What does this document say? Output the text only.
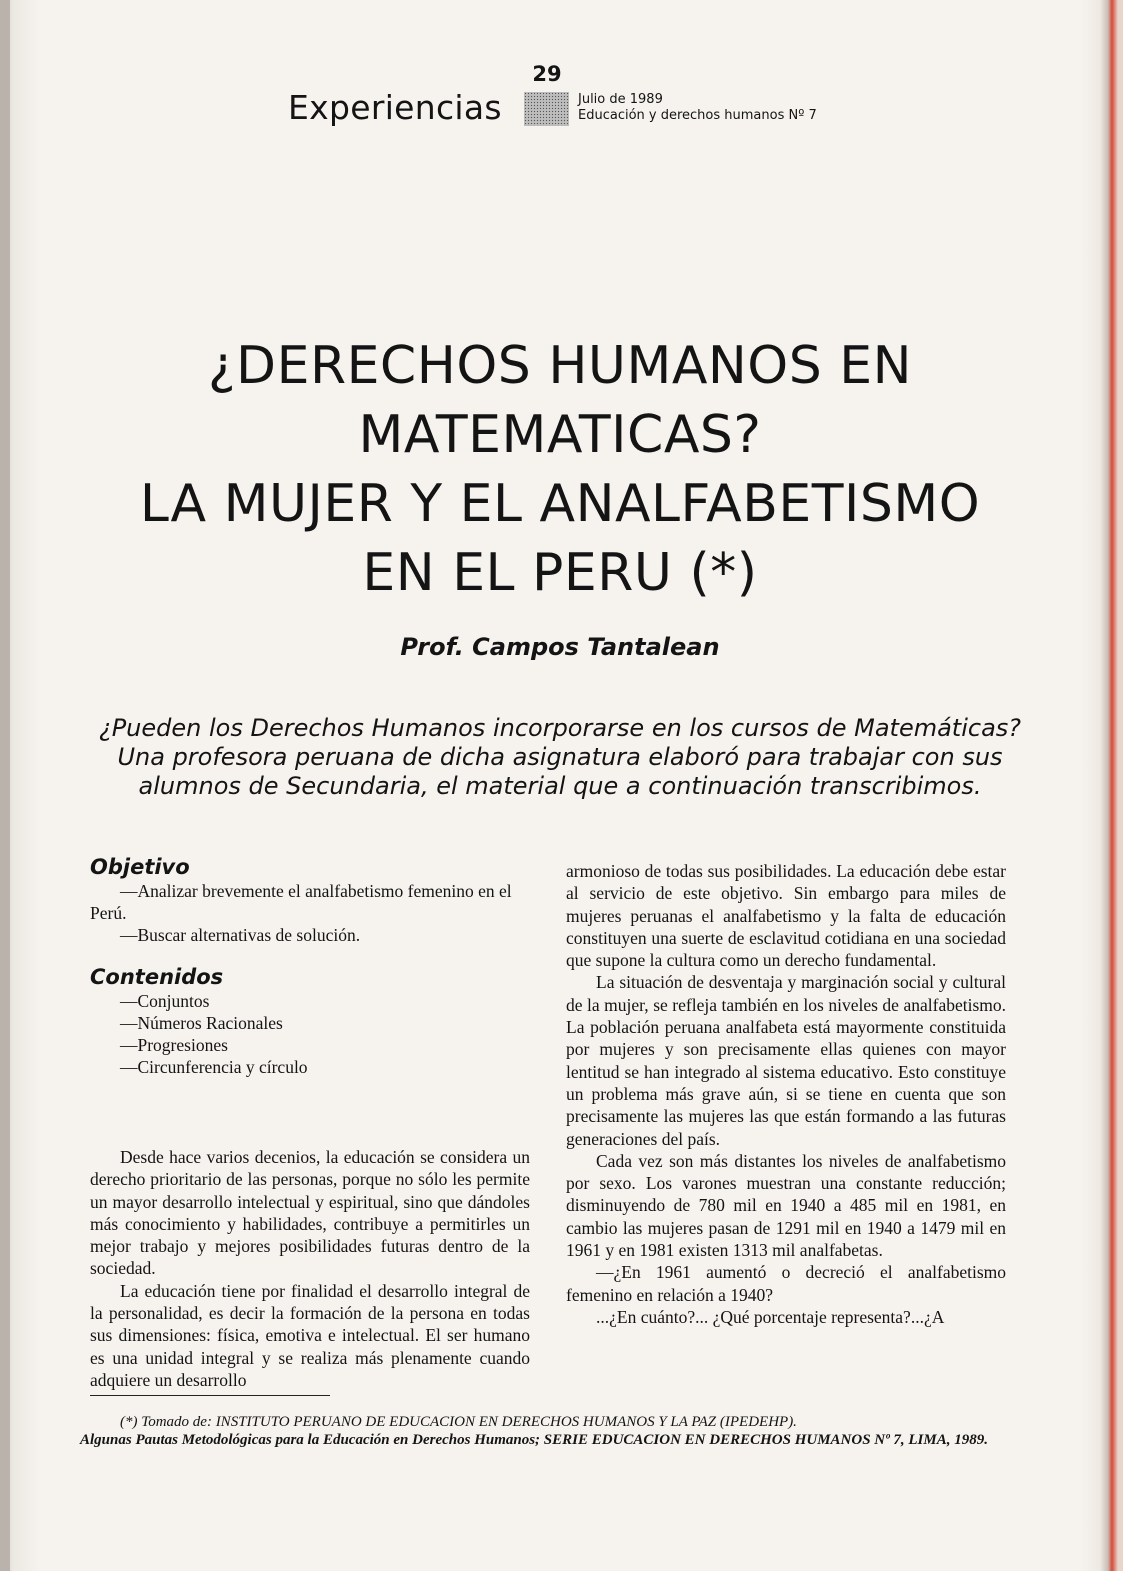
29
Experiencias	Julio de 1989
Educación y derechos humanos Nº 7
¿DERECHOS HUMANOS EN
MATEMATICAS?
LA MUJER Y EL ANALFABETISMO
EN EL PERU (*)
Prof. Campos Tantalean

¿Pueden los Derechos Humanos incorporarse en los cursos de Matemáticas? Una profesora peruana de dicha asignatura elaboró para trabajar con sus alumnos de Secundaria, el material que a continuación transcribimos.

Objetivo

—Analizar brevemente el analfabetismo femenino en el Perú.

—Buscar alternativas de solución.

Contenidos

—Conjuntos

—Números Racionales

—Progresiones

—Circunferencia y círculo

Desde hace varios decenios, la educación se considera un derecho prioritario de las personas, porque no sólo les permite un mayor desarrollo intelectual y espiritual, sino que dándoles más conocimiento y habilidades, contribuye a permitirles un mejor trabajo y mejores posibilidades futuras dentro de la sociedad.

La educación tiene por finalidad el desarrollo integral de la personalidad, es decir la formación de la persona en todas sus dimensiones: física, emotiva e intelectual. El ser humano es una unidad integral y se realiza más plenamente cuando adquiere un desarrollo

armonioso de todas sus posibilidades. La educación debe estar al servicio de este objetivo. Sin embargo para miles de mujeres peruanas el analfabetismo y la falta de educación constituyen una suerte de esclavitud cotidiana en una sociedad que supone la cultura como un derecho fundamental.

La situación de desventaja y marginación social y cultural de la mujer, se refleja también en los niveles de analfabetismo. La población peruana analfabeta está mayormente constituida por mujeres y son precisamente ellas quienes con mayor lentitud se han integrado al sistema educativo. Esto constituye un problema más grave aún, si se tiene en cuenta que son precisamente las mujeres las que están formando a las futuras generaciones del país.

Cada vez son más distantes los niveles de analfabetismo por sexo. Los varones muestran una constante reducción; disminuyendo de 780 mil en 1940 a 485 mil en 1981, en cambio las mujeres pasan de 1291 mil en 1940 a 1479 mil en 1961 y en 1981 existen 1313 mil analfabetas.

—¿En 1961 aumentó o decreció el analfabetismo femenino en relación a 1940?

...¿En cuánto?... ¿Qué porcentaje representa?...¿A

(*) Tomado de: INSTITUTO PERUANO DE EDUCACION EN DERECHOS HUMANOS Y LA PAZ (IPEDEHP).
Algunas Pautas Metodológicas para la Educación en Derechos Humanos; SERIE EDUCACION EN DERECHOS HUMANOS Nº 7, LIMA, 1989.
